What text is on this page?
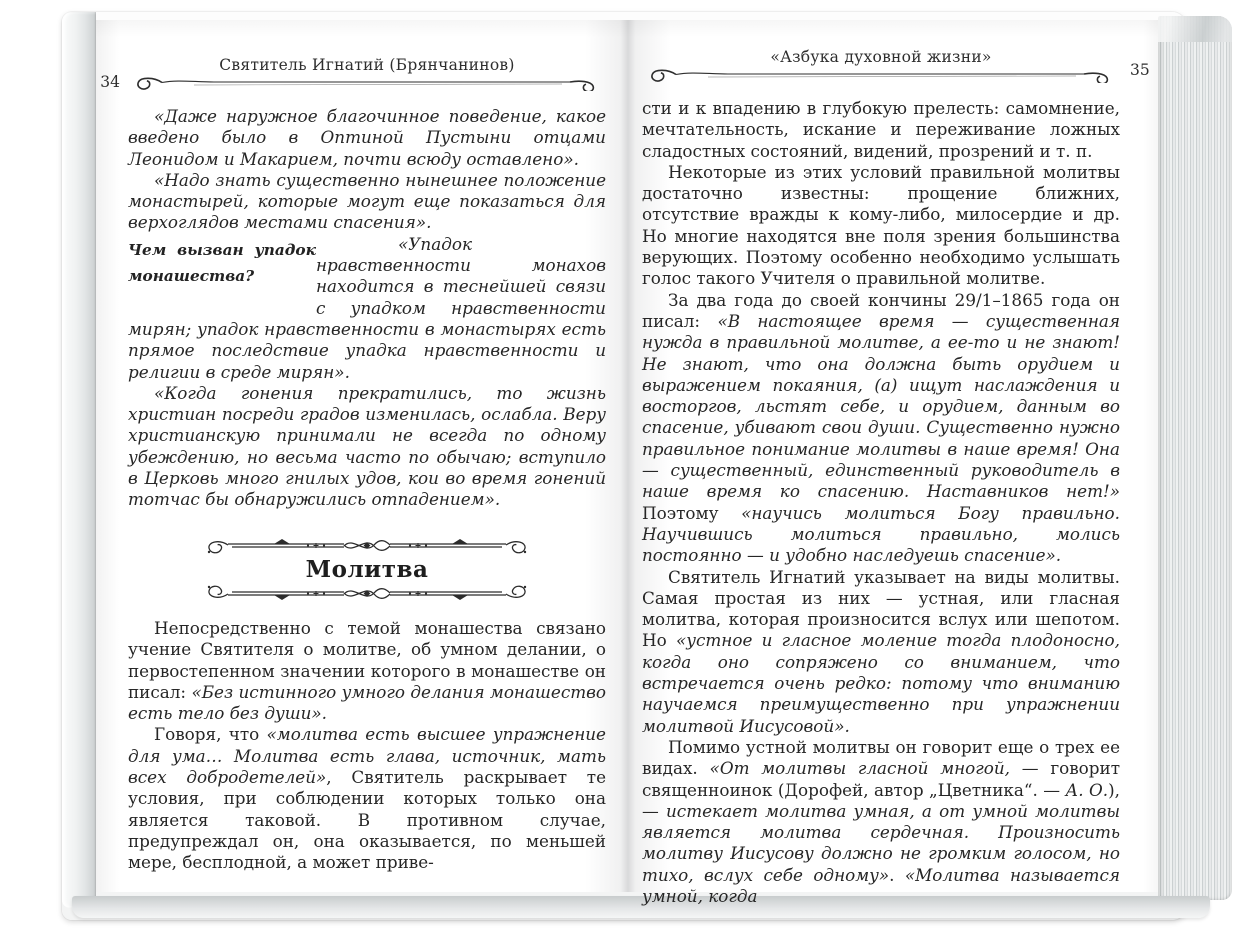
34
Святитель Игнатий (Брянчанинов)

«Даже наружное благочинное поведение, какое введено было в Оптиной Пустыни отцами Леонидом и Макарием, почти всюду оставлено».

«Надо знать существенно нынешнее положение монастырей, которые могут еще показаться для верхоглядов местами спасения».

Чем вызван упадок монашества?
«Упадок нравственности монахов находится в теснейшей связи с упадком нравственности мирян; упадок нравственности в монастырях есть прямое последствие упадка нравственности и религии в среде мирян».

«Когда гонения прекратились, то жизнь христиан посреди градов изменилась, ослабла. Веру христианскую принимали не всегда по одному убеждению, но весьма часто по обычаю; вступило в Церковь много гнилых удов, кои во время гонений тотчас бы обнаружились отпадением».

Молитва

Непосредственно с темой монашества связано учение Святителя о молитве, об умном делании, о первостепенном значении которого в монашестве он писал: «Без истинного умного делания монашество есть тело без души».

Говоря, что «молитва есть высшее упражнение для ума… Молитва есть глава, источник, мать всех добродетелей», Святитель раскрывает те условия, при соблюдении которых только она является таковой. В противном случае, предупреждал он, она оказывается, по меньшей мере, бесплодной, а может приве-

35
«Азбука духовной жизни»

сти и к впадению в глубокую прелесть: самомнение, мечтательность, искание и переживание ложных сладостных состояний, видений, прозрений и т. п.

Некоторые из этих условий правильной молитвы достаточно известны: прощение ближних, отсутствие вражды к кому-либо, милосердие и др. Но многие находятся вне поля зрения большинства верующих. Поэтому особенно необходимо услышать голос такого Учителя о правильной молитве.

За два года до своей кончины 29/1–1865 года он писал: «В настоящее время — существенная нужда в правильной молитве, а ее-то и не знают! Не знают, что она должна быть орудием и выражением покаяния, (а) ищут наслаждения и восторгов, льстят себе, и орудием, данным во спасение, убивают свои души. Существенно нужно правильное понимание молитвы в наше время! Она — существенный, единственный руководитель в наше время ко спасению. Наставников нет!» Поэтому «научись молиться Богу правильно. Научившись молиться правильно, молись постоянно — и удобно наследуешь спасение».

Святитель Игнатий указывает на виды молитвы. Самая простая из них — устная, или гласная молитва, которая произносится вслух или шепотом. Но «устное и гласное моление тогда плодоносно, когда оно сопряжено со вниманием, что встречается очень редко: потому что вниманию научаемся преимущественно при упражнении молитвой Иисусовой».

Помимо устной молитвы он говорит еще о трех ее видах. «От молитвы гласной многой, — говорит священноинок (Дорофей, автор „Цветника“. — А. О.), — истекает молитва умная, а от умной молитвы является молитва сердечная. Произносить молитву Иисусову должно не громким голосом, но тихо, вслух себе одному». «Молитва называется умной, когда
